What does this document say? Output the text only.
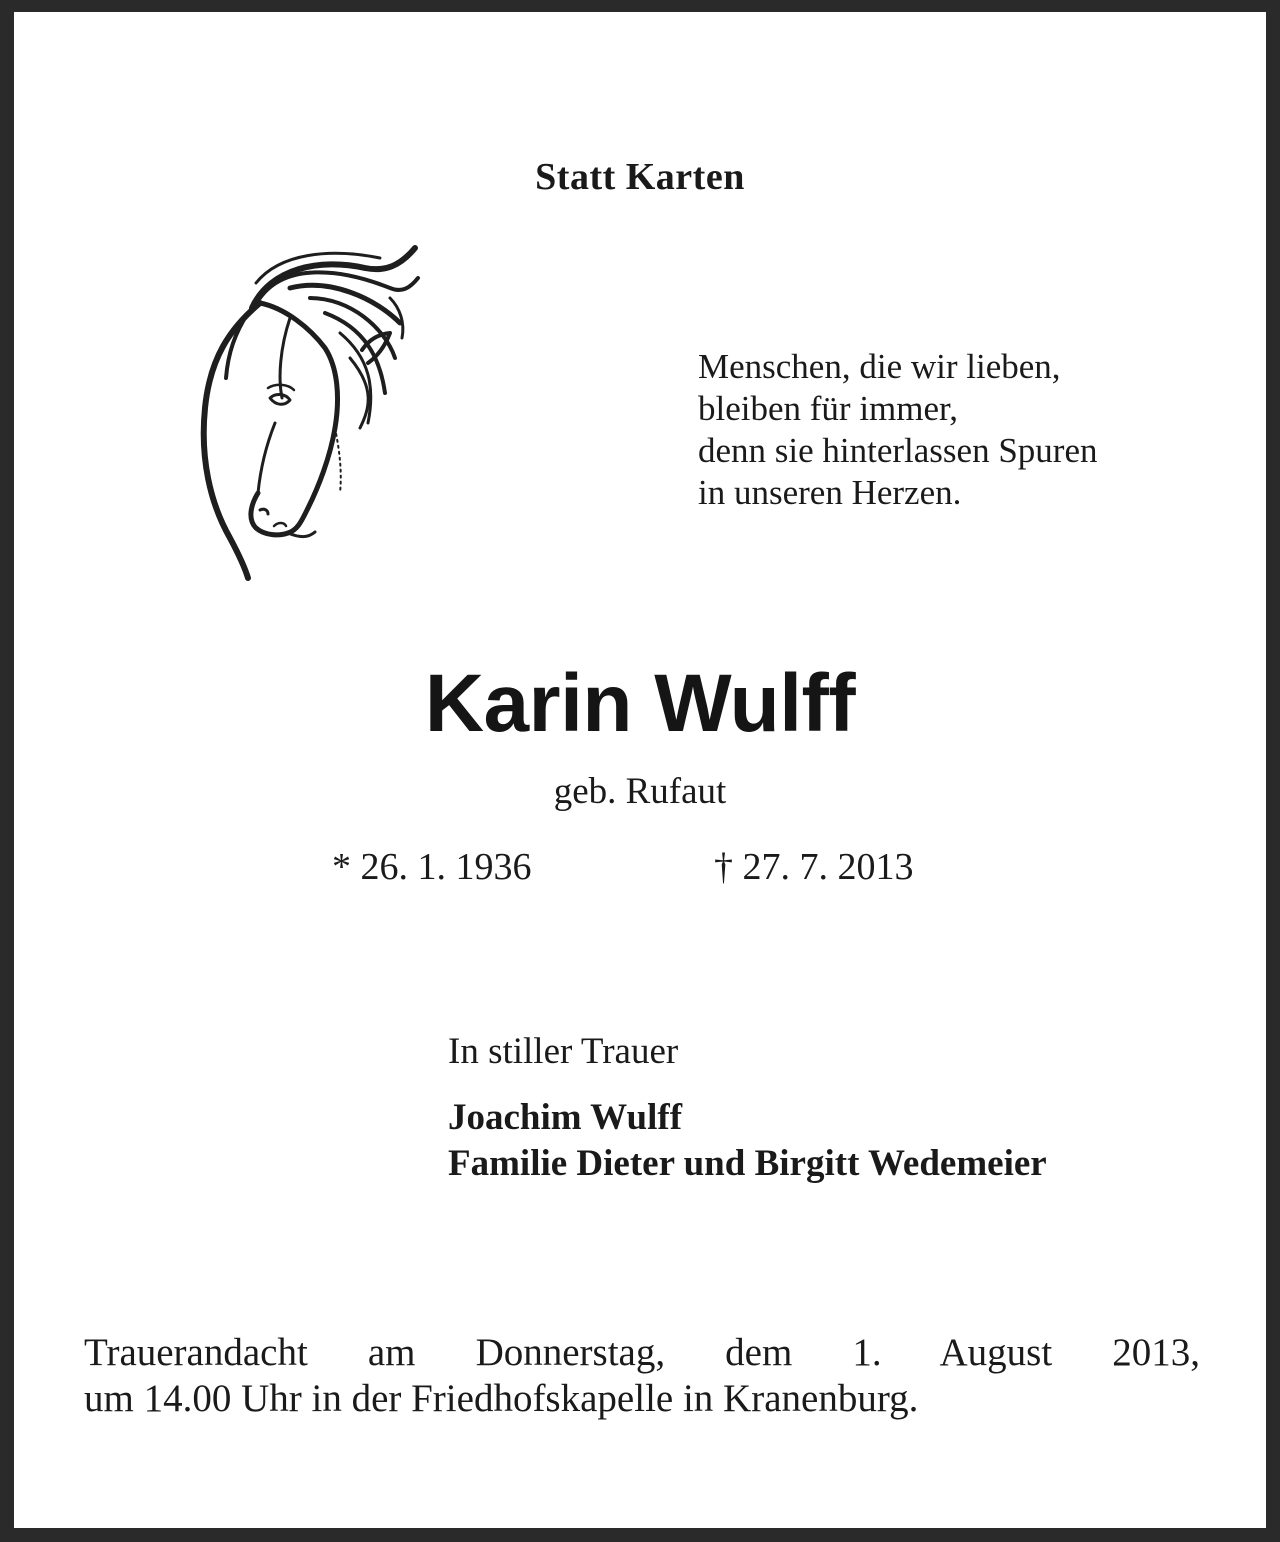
Statt Karten
Menschen, die wir lieben,
bleiben für immer,
denn sie hinterlassen Spuren
in unseren Herzen.
Karin Wulff
geb. Rufaut
* 26. 1. 1936	† 27. 7. 2013
In stiller Trauer
Joachim Wulff
Familie Dieter und Birgitt Wedemeier
Trauerandacht am Donnerstag, dem 1. August 2013,
um 14.00 Uhr in der Friedhofskapelle in Kranenburg.
